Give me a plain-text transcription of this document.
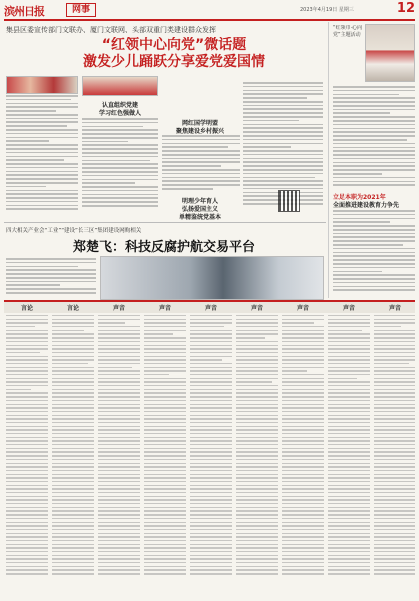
滨州日报	网事	2023年4月19日 星期三	12
集县区委宣传部门文联办、厦门文联网、头部双重门类建设群众发挥
“红领中心向党”微话题
激发少儿踊跃分享爱党爱国情
认直组织党建
学习红色强做人
网红国学明盟
聚焦建设乡村振兴
明理少年育人
弘扬爱国主义
单精鉴统党基本
“红领巾·心向党”主题活动
立足本职为2021年
全面推进建设教育力争先
四大相关产业会“工业”“建设”长三区”集团建设网购相关
郑楚飞：科技反腐护航交易平台
言论	言论	声音	声音	声音	声音	声音	声音	声音
